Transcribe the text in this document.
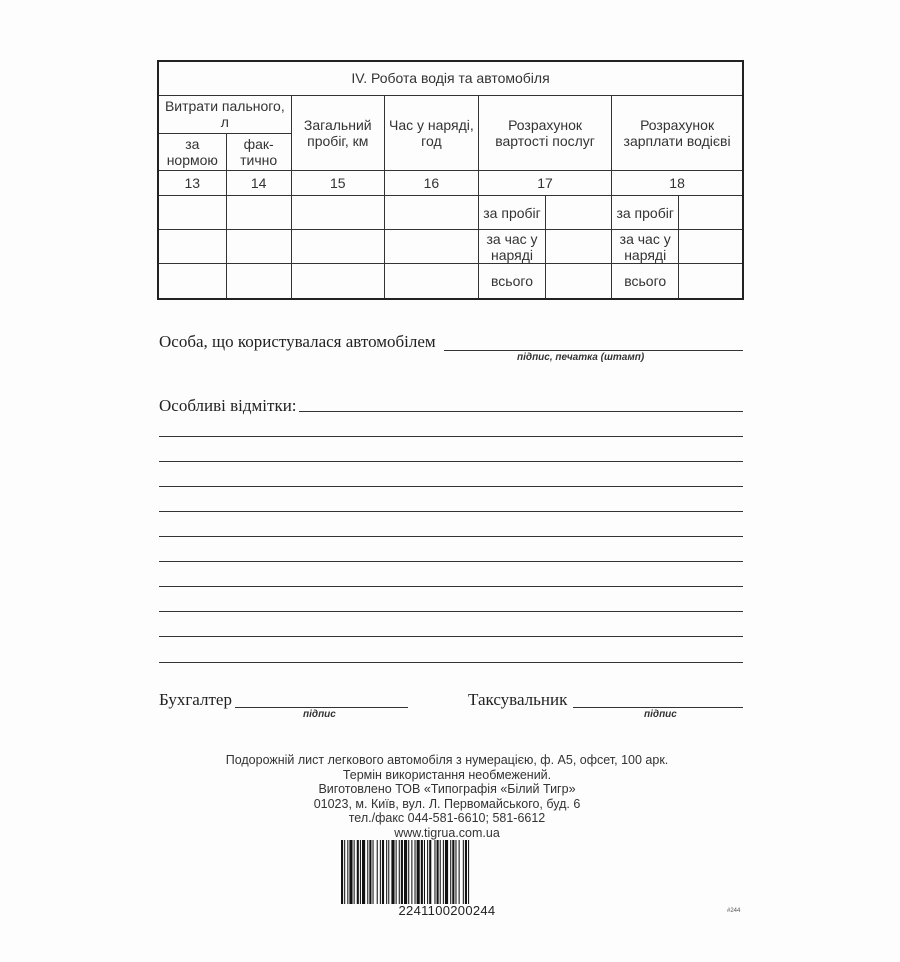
IV. Робота водія та автомобіля							
Витрати пального, л		Загальний пробіг, км	Час у наряді, год	Розрахунок вартості послуг		Розрахунок зарплати водієві	
за нормою	фак- тично						
13	14	15	16	17		18	
				за пробіг		за пробіг	
				за час у наряді		за час у наряді	
				всього		всього	
Особа, що користувалася автомобілем
підпис, печатка (штамп)
Особливі відмітки:
Бухгалтер
підпис
Таксувальник
підпис
Подорожній лист легкового автомобіля з нумерацією, ф. А5, офсет, 100 арк.
Термін використання необмежений.
Виготовлено ТОВ «Типографія «Білий Тигр»
01023, м. Київ, вул. Л. Первомайського, буд. 6
тел./факс 044-581-6610; 581-6612
www.tigrua.com.ua
2241100200244	#244
